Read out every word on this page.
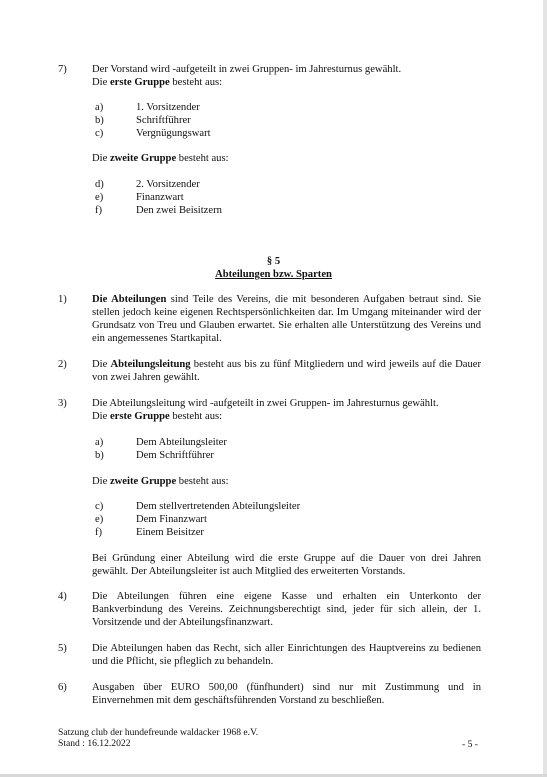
7) Der Vorstand wird -aufgeteilt in zwei Gruppen- im Jahresturnus gewählt.

Die erste Gruppe besteht aus:

a)	1. Vorsitzender
b)	Schriftführer
c)	Vergnügungswart
Die zweite Gruppe besteht aus:
d)	2. Vorsitzender
e)	Finanzwart
f)	Den zwei Beisitzern
§ 5
Abteilungen bzw. Sparten
1) Die Abteilungen sind Teile des Vereins, die mit besonderen Aufgaben betraut sind. Sie stellen jedoch keine eigenen Rechtspersönlichkeiten dar. Im Umgang miteinander wird der Grundsatz von Treu und Glauben erwartet. Sie erhalten alle Unterstützung des Vereins und ein angemessenes Startkapital.
2) Die Abteilungsleitung besteht aus bis zu fünf Mitgliedern und wird jeweils auf die Dauer von zwei Jahren gewählt.
3) Die Abteilungsleitung wird -aufgeteilt in zwei Gruppen- im Jahresturnus gewählt.

Die erste Gruppe besteht aus:

a)	Dem Abteilungsleiter
b)	Dem Schriftführer
Die zweite Gruppe besteht aus:
c)	Dem stellvertretenden Abteilungsleiter
e)	Dem Finanzwart
f)	Einem Beisitzer
Bei Gründung einer Abteilung wird die erste Gruppe auf die Dauer von drei Jahren gewählt. Der Abteilungsleiter ist auch Mitglied des erweiterten Vorstands.
4) Die Abteilungen führen eine eigene Kasse und erhalten ein Unterkonto der Bankverbindung des Vereins. Zeichnungsberechtigt sind, jeder für sich allein, der 1. Vorsitzende und der Abteilungsfinanzwart.
5) Die Abteilungen haben das Recht, sich aller Einrichtungen des Hauptvereins zu bedienen und die Pflicht, sie pfleglich zu behandeln.
6) Ausgaben über EURO 500,00 (fünfhundert) sind nur mit Zustimmung und in Einvernehmen mit dem geschäftsführenden Vorstand zu beschließen.
Satzung club der hundefreunde waldacker 1968 e.V.
Stand : 16.12.2022	- 5 -
